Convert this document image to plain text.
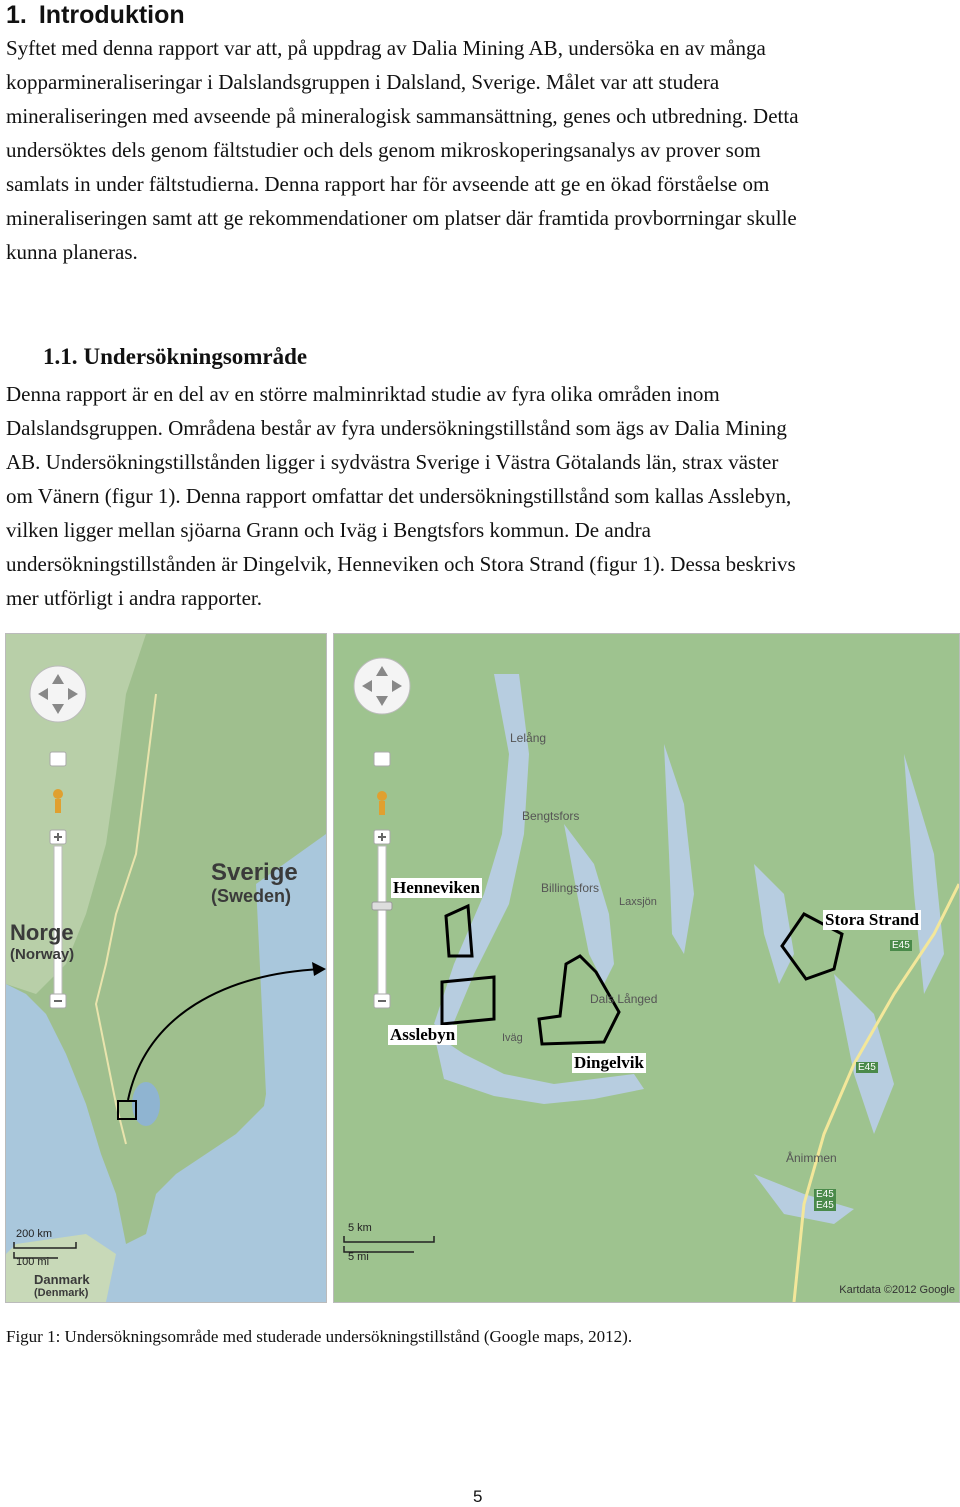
1. Introduktion

Syftet med denna rapport var att, på uppdrag av Dalia Mining AB, undersöka en av många
kopparmineraliseringar i Dalslandsgruppen i Dalsland, Sverige. Målet var att studera
mineraliseringen med avseende på mineralogisk sammansättning, genes och utbredning. Detta
undersöktes dels genom fältstudier och dels genom mikroskoperingsanalys av prover som
samlats in under fältstudierna. Denna rapport har för avseende att ge en ökad förståelse om
mineraliseringen samt att ge rekommendationer om platser där framtida provborrningar skulle
kunna planeras.

1.1. Undersökningsområde

Denna rapport är en del av en större malminriktad studie av fyra olika områden inom
Dalslandsgruppen. Områdena består av fyra undersökningstillstånd som ägs av Dalia Mining
AB. Undersökningstillstånden ligger i sydvästra Sverige i Västra Götalands län, strax väster
om Vänern (figur 1). Denna rapport omfattar det undersökningstillstånd som kallas Asslebyn,
vilken ligger mellan sjöarna Grann och Iväg i Bengtsfors kommun. De andra
undersökningstillstånden är Dingelvik, Henneviken och Stora Strand (figur 1). Dessa beskrivs
mer utförligt i andra rapporter.

Sverige
(Sweden)
Norge
(Norway)
Danmark
(Denmark)
200 km
100 mi
Lelång
Bengtsfors
Billingsfors
Laxsjön
Dals Långed
Iväg
Ånimmen
E45
E45
E45
E45
5 km
5 mi
Kartdata ©2012 Google
Henneviken
Stora Strand
Asslebyn
Dingelvik

Figur 1: Undersökningsområde med studerade undersökningstillstånd (Google maps, 2012).

5
